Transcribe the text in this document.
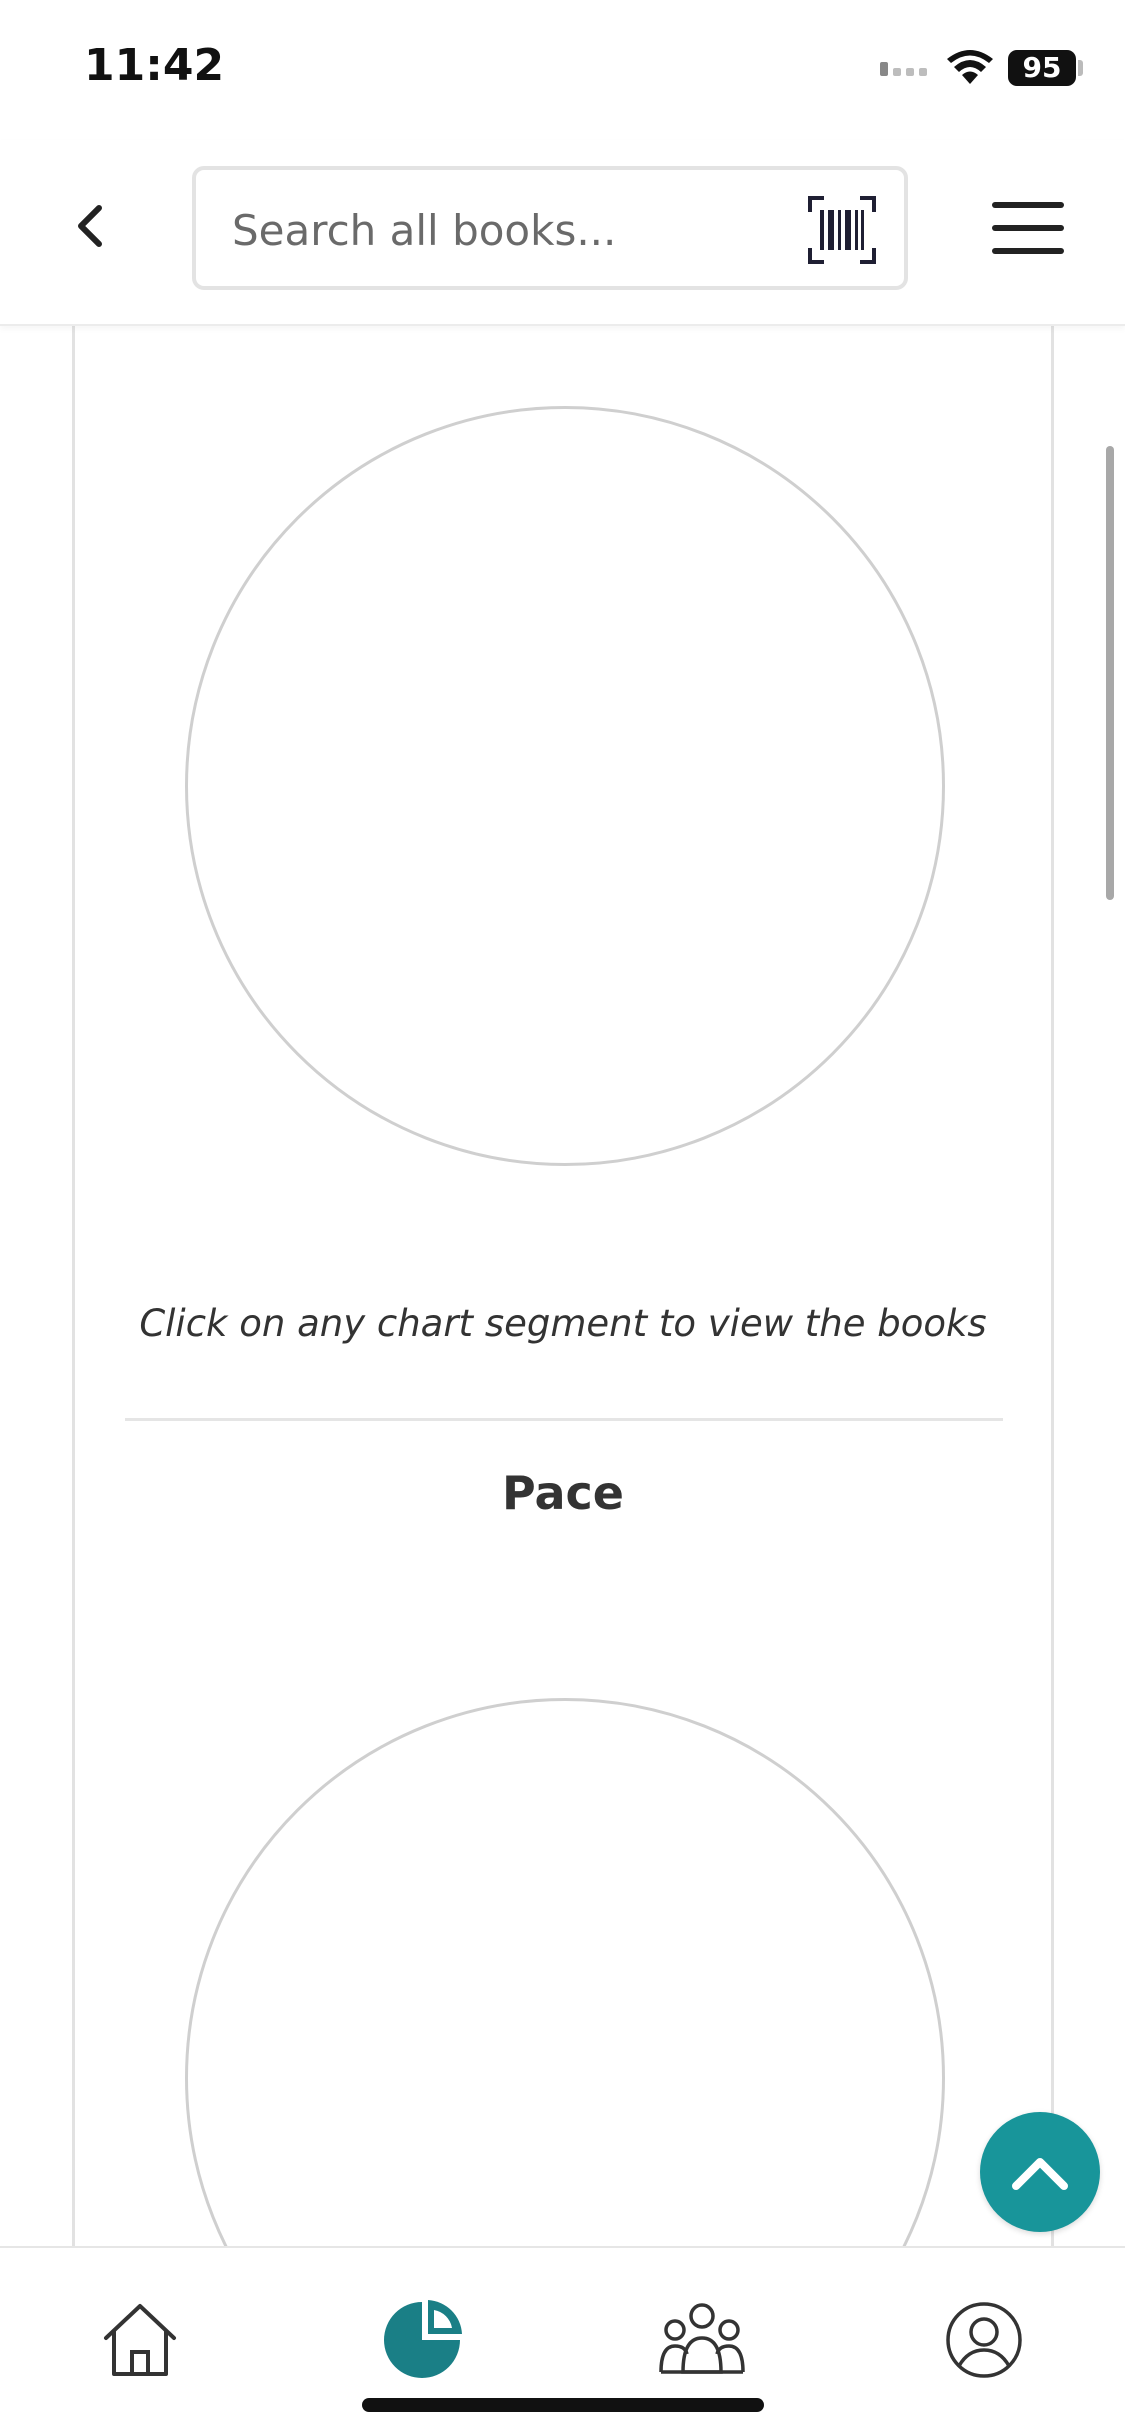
11:42	95
Search all books...
Click on any chart segment to view the books
Pace
